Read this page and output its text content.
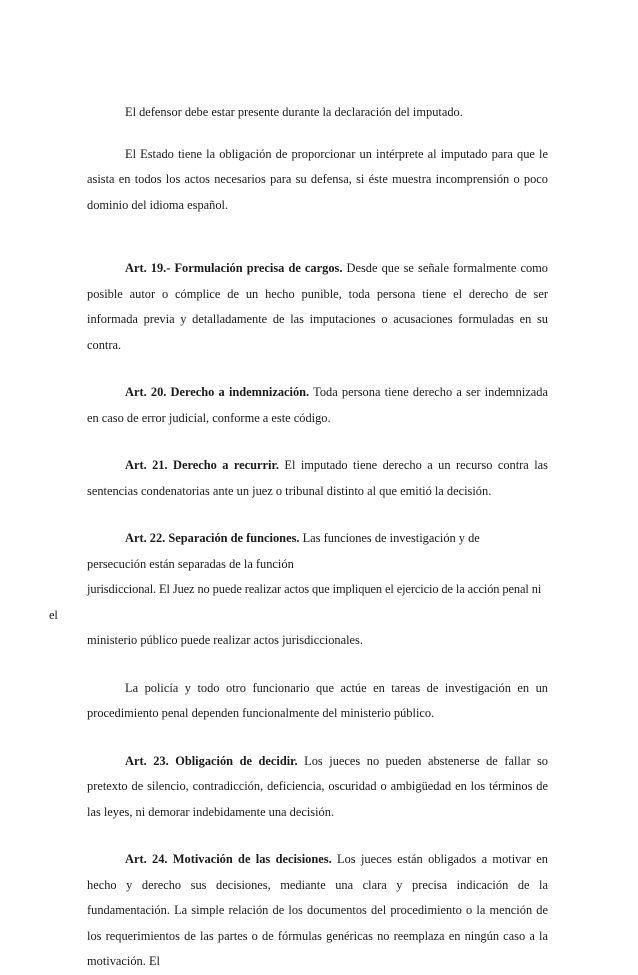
El defensor debe estar presente durante la declaración del imputado.

El Estado tiene la obligación de proporcionar un intérprete al imputado para que le asista en todos los actos necesarios para su defensa, si éste muestra incomprensión o poco dominio del idioma español.

Art. 19.- Formulación precisa de cargos. Desde que se señale formalmente como posible autor o cómplice de un hecho punible, toda persona tiene el derecho de ser informada previa y detalladamente de las imputaciones o acusaciones formuladas en su contra.

Art. 20. Derecho a indemnización. Toda persona tiene derecho a ser indemnizada en caso de error judicial, conforme a este código.

Art. 21. Derecho a recurrir. El imputado tiene derecho a un recurso contra las sentencias condenatorias ante un juez o tribunal distinto al que emitió la decisión.

Art. 22. Separación de funciones. Las funciones de investigación y de
persecución están separadas de la función
jurisdiccional. El Juez no puede realizar actos que impliquen el ejercicio de la acción penal ni el
ministerio público puede realizar actos jurisdiccionales.

La policía y todo otro funcionario que actúe en tareas de investigación en un procedimiento penal dependen funcionalmente del ministerio público.

Art. 23. Obligación de decidir. Los jueces no pueden abstenerse de fallar so pretexto de silencio, contradicción, deficiencia, oscuridad o ambigüedad en los términos de las leyes, ni demorar indebidamente una decisión.

Art. 24. Motivación de las decisiones. Los jueces están obligados a motivar en hecho y derecho sus decisiones, mediante una clara y precisa indicación de la fundamentación. La simple relación de los documentos del procedimiento o la mención de los requerimientos de las partes o de fórmulas genéricas no reemplaza en ningún caso a la motivación. El
